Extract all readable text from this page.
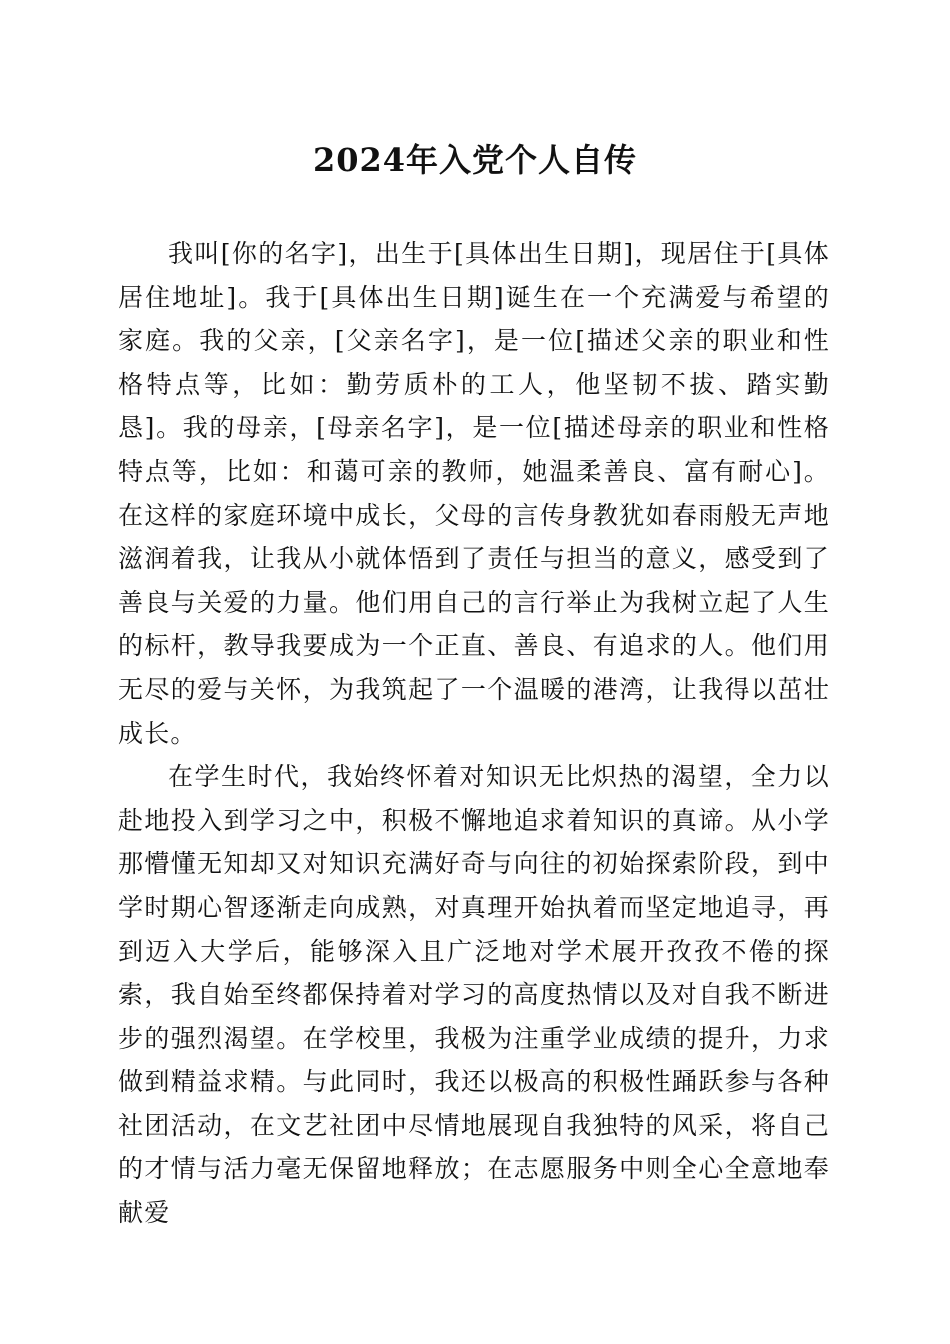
2024年入党个人自传

我叫[你的名字]，出生于[具体出生日期]，现居住于[具体居住地址]。我于[具体出生日期]诞生在一个充满爱与希望的家庭。我的父亲，[父亲名字]，是一位[描述父亲的职业和性格特点等，比如：勤劳质朴的工人，他坚韧不拔、踏实勤恳]。我的母亲，[母亲名字]，是一位[描述母亲的职业和性格特点等，比如：和蔼可亲的教师，她温柔善良、富有耐心]。在这样的家庭环境中成长，父母的言传身教犹如春雨般无声地滋润着我，让我从小就体悟到了责任与担当的意义，感受到了善良与关爱的力量。他们用自己的言行举止为我树立起了人生的标杆，教导我要成为一个正直、善良、有追求的人。他们用无尽的爱与关怀，为我筑起了一个温暖的港湾，让我得以茁壮成长。

在学生时代，我始终怀着对知识无比炽热的渴望，全力以赴地投入到学习之中，积极不懈地追求着知识的真谛。从小学那懵懂无知却又对知识充满好奇与向往的初始探索阶段，到中学时期心智逐渐走向成熟，对真理开始执着而坚定地追寻，再到迈入大学后，能够深入且广泛地对学术展开孜孜不倦的探索，我自始至终都保持着对学习的高度热情以及对自我不断进步的强烈渴望。在学校里，我极为注重学业成绩的提升，力求做到精益求精。与此同时，我还以极高的积极性踊跃参与各种社团活动，在文艺社团中尽情地展现自我独特的风采，将自己的才情与活力毫无保留地释放；在志愿服务中则全心全意地奉献爱
